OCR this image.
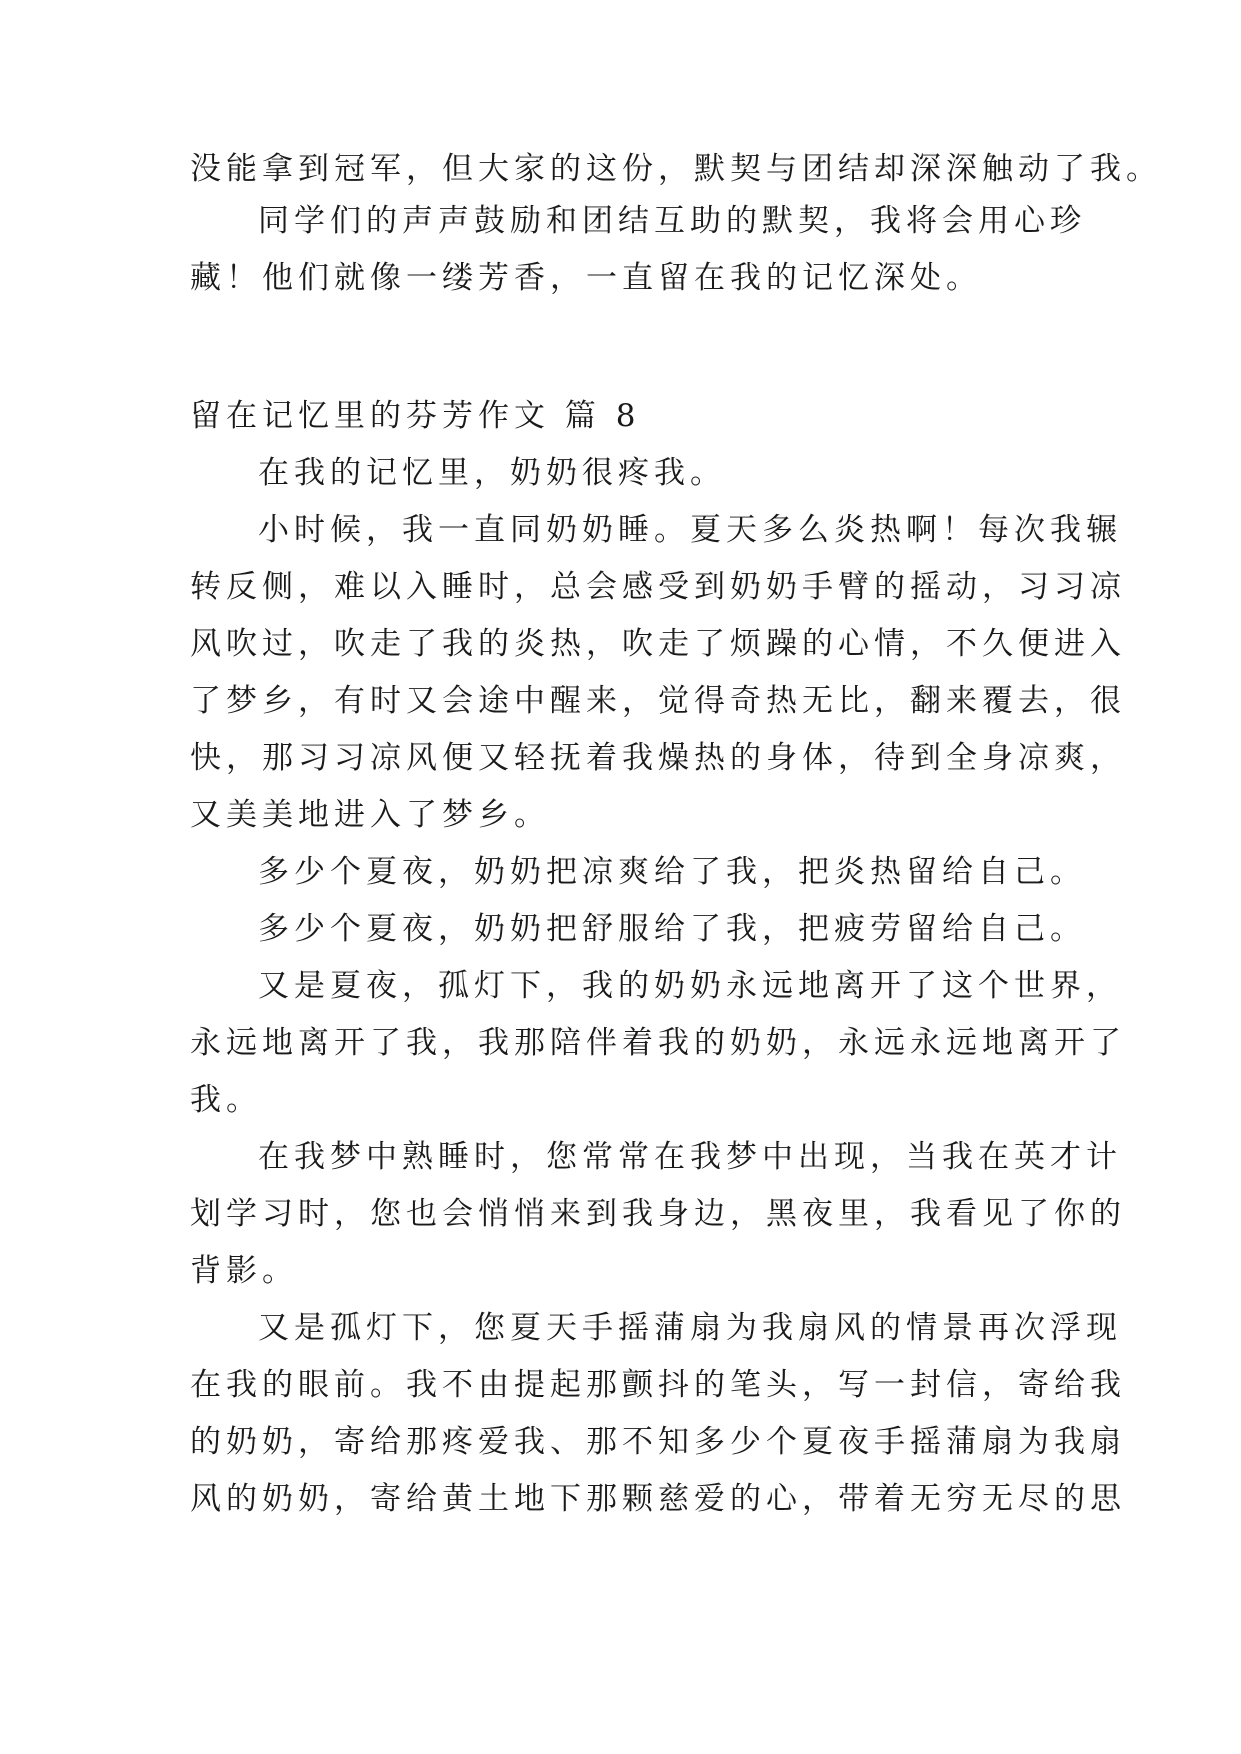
没能拿到冠军，但大家的这份，默契与团结却深深触动了我。
同学们的声声鼓励和团结互助的默契，我将会用心珍
藏！他们就像一缕芳香，一直留在我的记忆深处。
留在记忆里的芬芳作文 篇 8
在我的记忆里，奶奶很疼我。
小时候，我一直同奶奶睡。夏天多么炎热啊！每次我辗
转反侧，难以入睡时，总会感受到奶奶手臂的摇动，习习凉
风吹过，吹走了我的炎热，吹走了烦躁的心情，不久便进入
了梦乡，有时又会途中醒来，觉得奇热无比，翻来覆去，很
快，那习习凉风便又轻抚着我燥热的身体，待到全身凉爽，
又美美地进入了梦乡。
多少个夏夜，奶奶把凉爽给了我，把炎热留给自己。
多少个夏夜，奶奶把舒服给了我，把疲劳留给自己。
又是夏夜，孤灯下，我的奶奶永远地离开了这个世界，
永远地离开了我，我那陪伴着我的奶奶，永远永远地离开了
我。
在我梦中熟睡时，您常常在我梦中出现，当我在英才计
划学习时，您也会悄悄来到我身边，黑夜里，我看见了你的
背影。
又是孤灯下，您夏天手摇蒲扇为我扇风的情景再次浮现
在我的眼前。我不由提起那颤抖的笔头，写一封信，寄给我
的奶奶，寄给那疼爱我、那不知多少个夏夜手摇蒲扇为我扇
风的奶奶，寄给黄土地下那颗慈爱的心，带着无穷无尽的思
